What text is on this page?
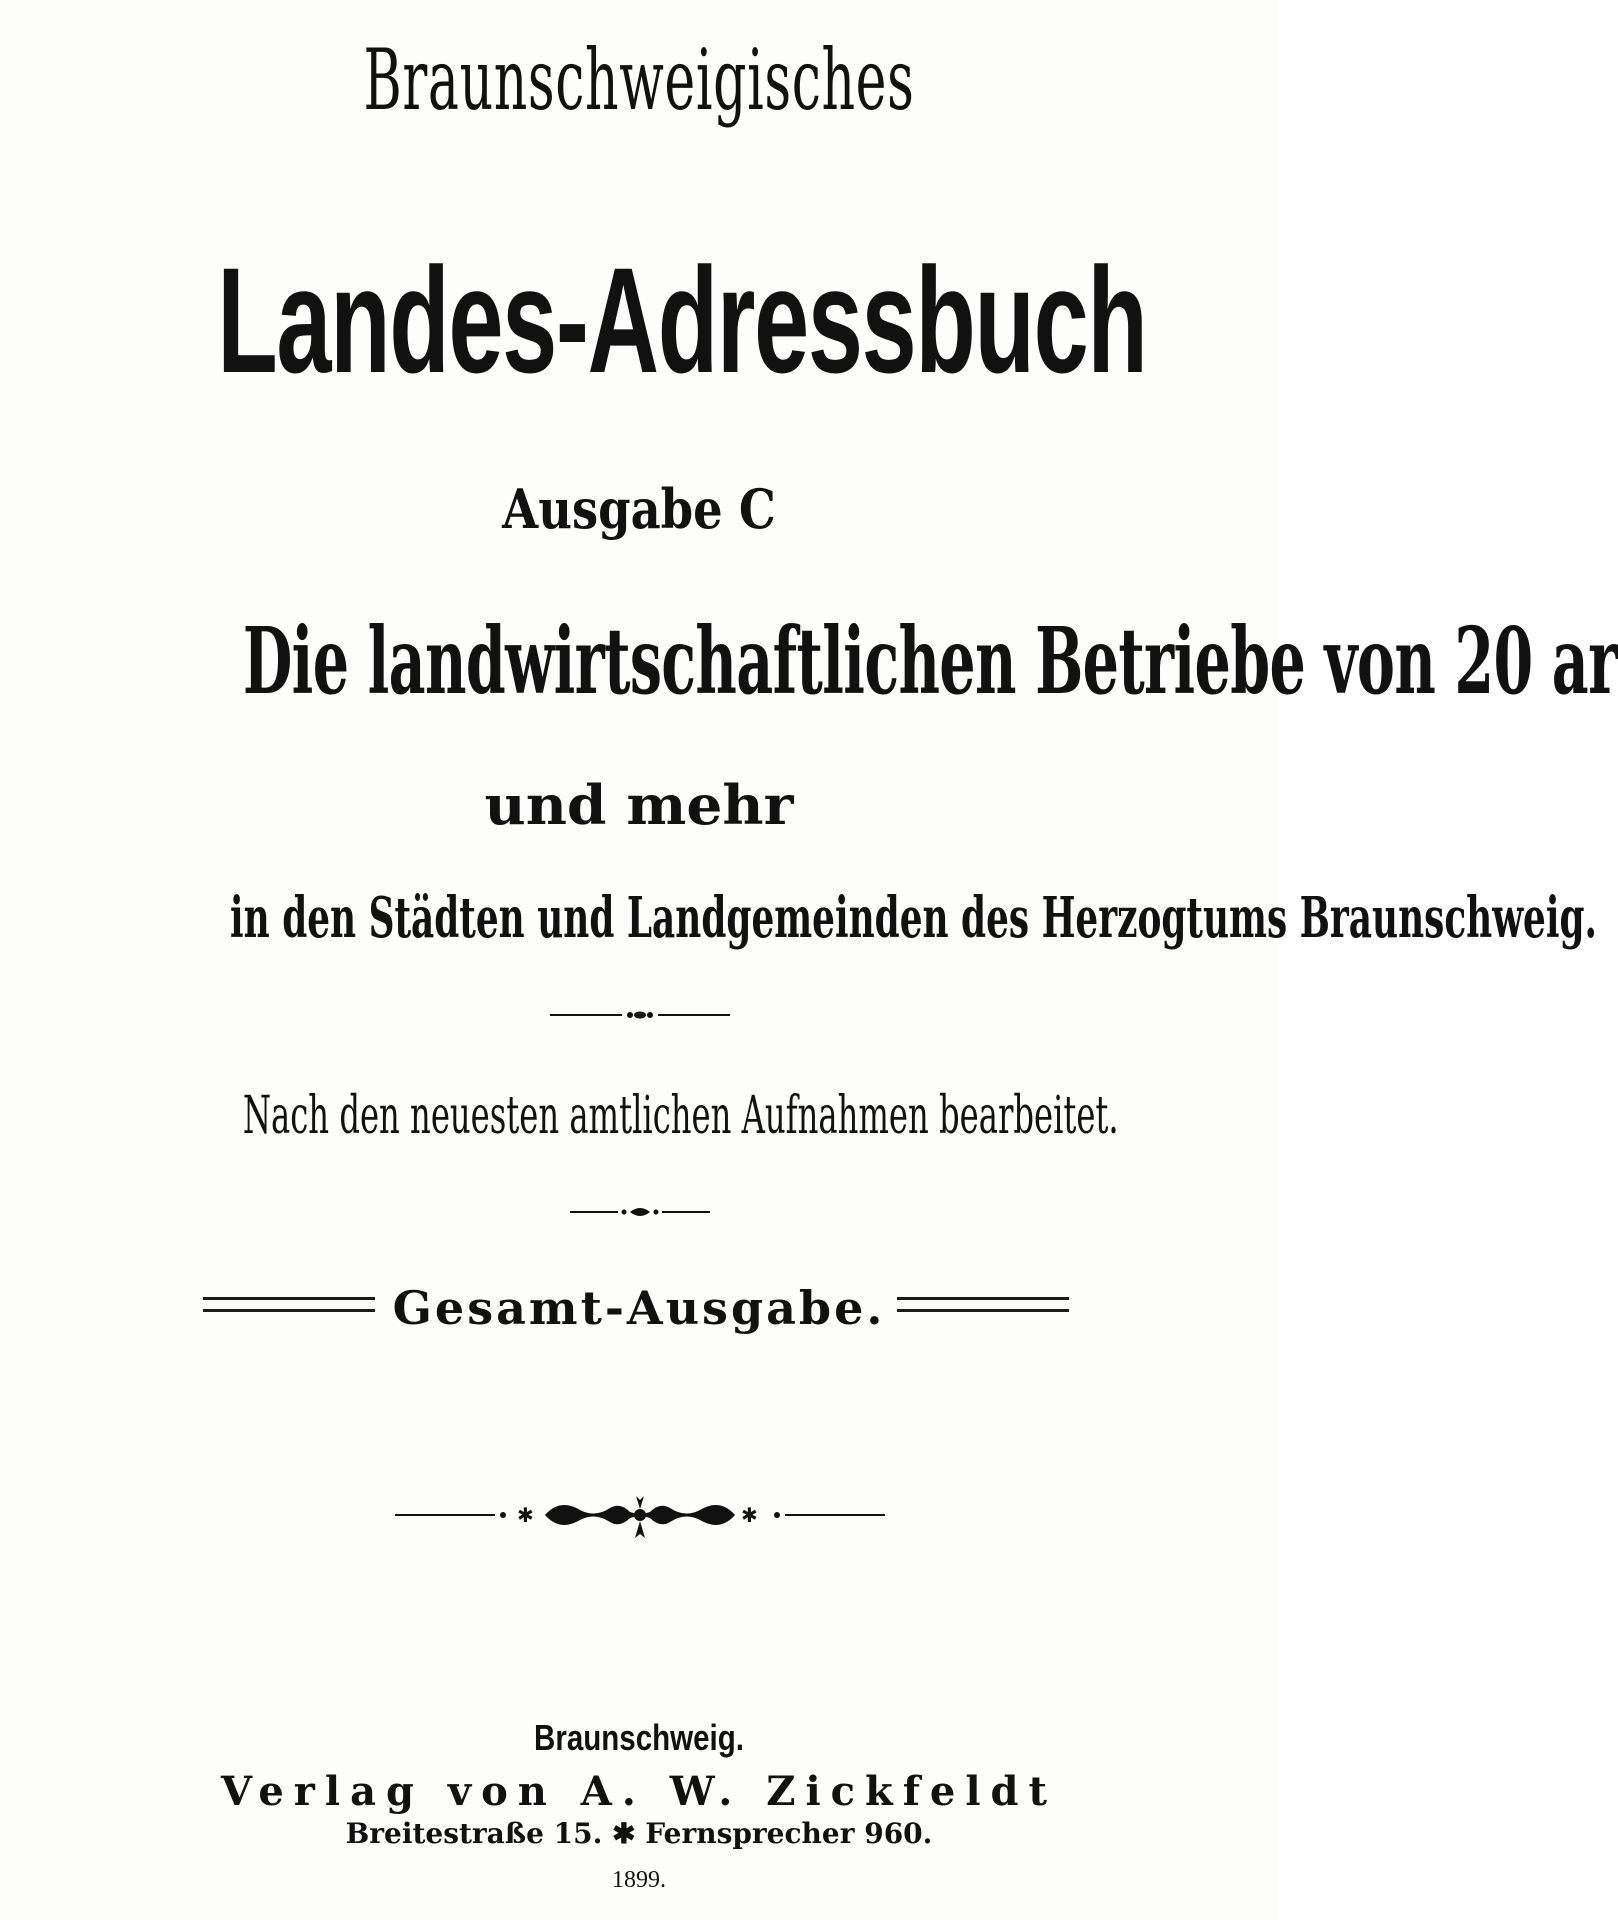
Braunschweigisches
Landes-Adressbuch
Ausgabe C
Die landwirtschaftlichen Betriebe von 20 ar
und mehr
in den Städten und Landgemeinden des Herzogtums Braunschweig.
Nach den neuesten amtlichen Aufnahmen bearbeitet.
Gesamt-Ausgabe.
✱	✱
Braunschweig.
Verlag von A. W. Zickfeldt
Breitestraße 15. ✱ Fernsprecher 960.
1899.
